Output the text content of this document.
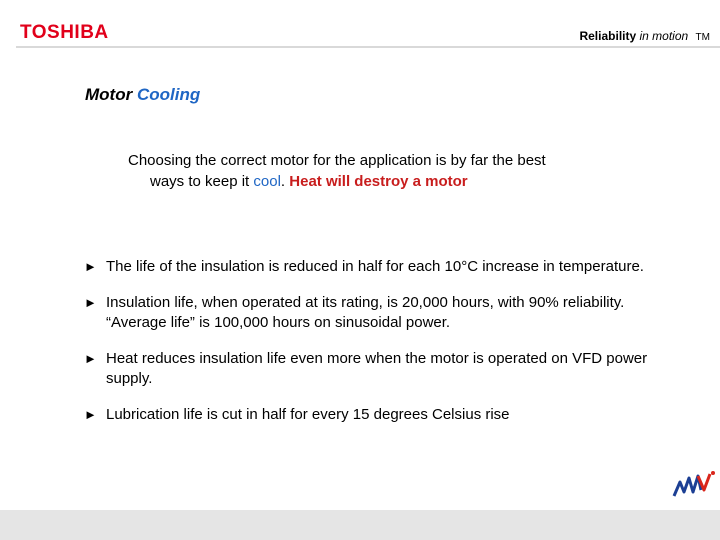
TOSHIBA	Reliability in motion TM
Motor Cooling
Choosing the correct motor for the application is by far the best
ways to keep it cool. Heat will destroy a motor
► The life of the insulation is reduced in half for each 10°C increase in temperature.
► Insulation life, when operated at its rating, is 20,000 hours, with 90% reliability. “Average life” is 100,000 hours on sinusoidal power.
► Heat reduces insulation life even more when the motor is operated on VFD power supply.
► Lubrication life is cut in half for every 15 degrees Celsius rise
